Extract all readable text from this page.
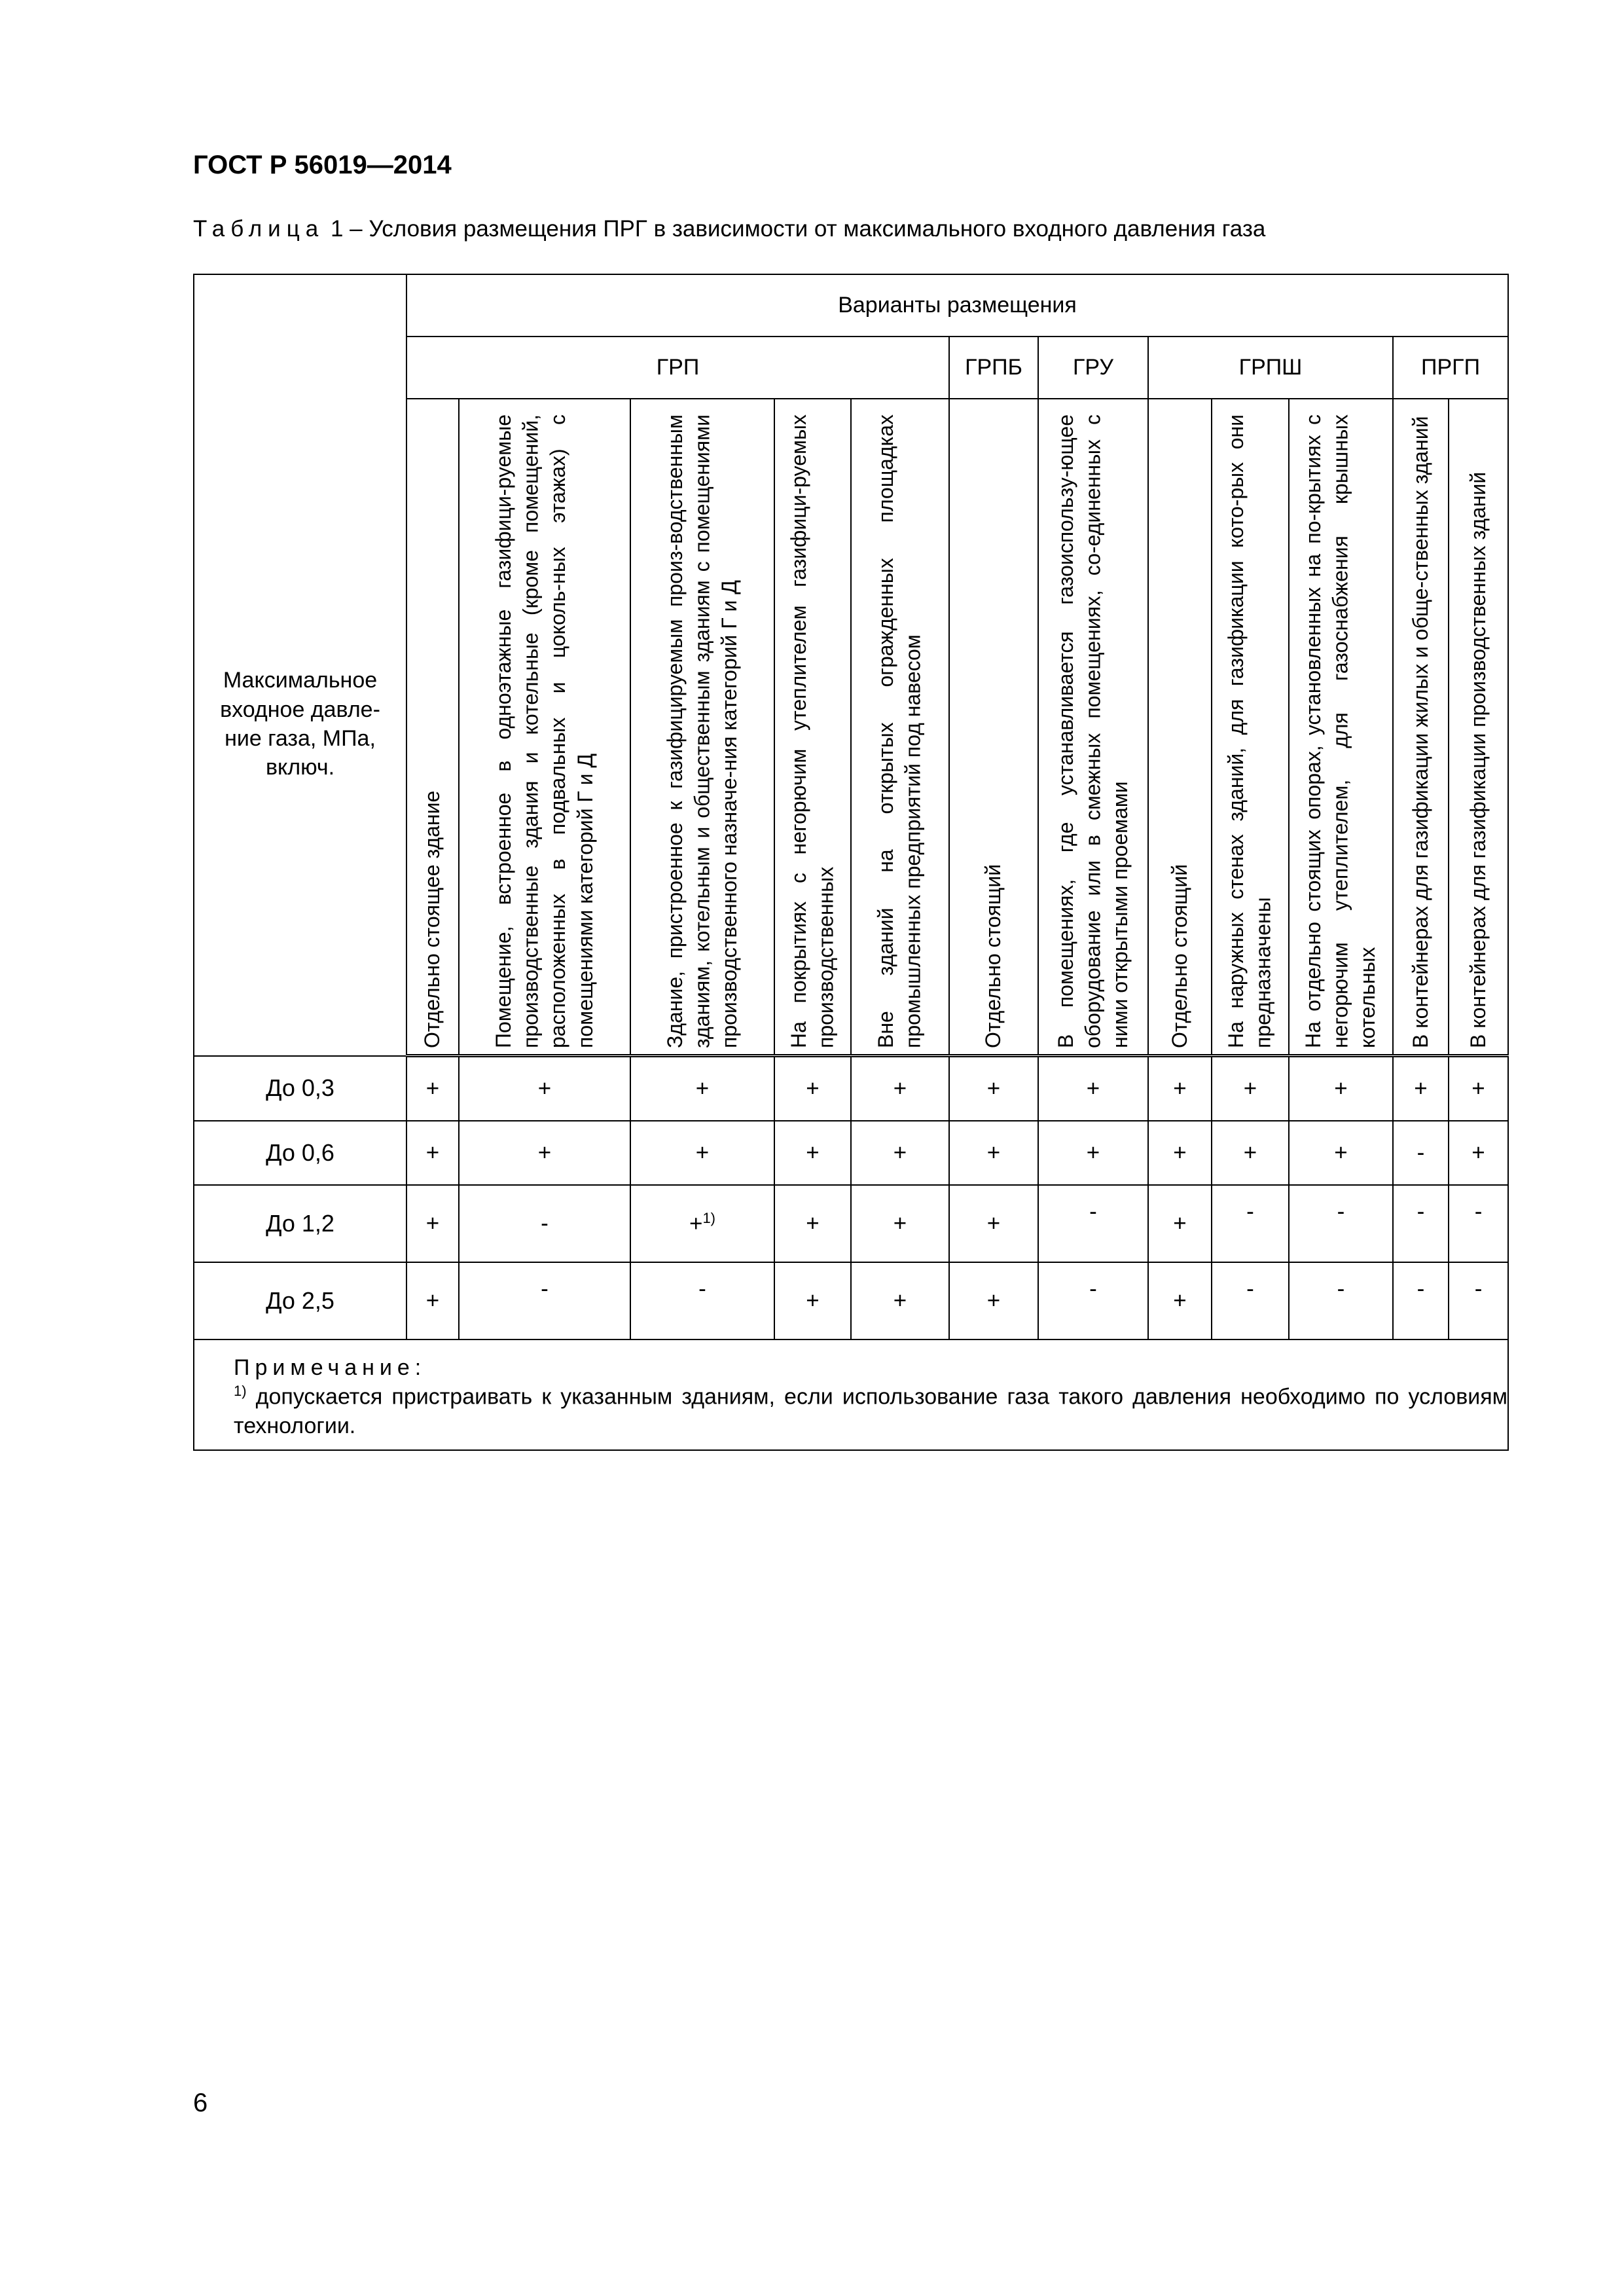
ГОСТ Р 56019—2014
Таблица 1 – Условия размещения ПРГ в зависимости от максимального входного давления газа
Максимальное входное давле-ние газа, МПа, включ.	Варианты размещения											
	ГРП					ГРПБ	ГРУ	ГРПШ			ПРГП	
	Отдельно стоящее здание	Помещение, встроенное в одноэтажные газифици-руемые производственные здания и котельные (кроме помещений, расположенных в подвальных и цоколь-ных этажах) с помещениями категорий Г и Д	Здание, пристроенное к газифицируемым произ-водственным зданиям, котельным и общественным зданиям с помещениями производственного назначе-ния категорий Г и Д	На покрытиях с негорючим утеплителем газифици-руемых производственных	Вне зданий на открытых огражденных площадках промышленных предприятий под навесом	Отдельно стоящий	В помещениях, где устанавливается газоиспользу-ющее оборудование или в смежных помещениях, со-единенных с ними открытыми проемами	Отдельно стоящий	На наружных стенах зданий, для газификации кото-рых они предназначены	На отдельно стоящих опорах, установленных на по-крытиях с негорючим утеплителем, для газоснабжения крышных котельных	В контейнерах для газификации жилых и обще-ственных зданий	В контейнерах для газификации производственных зданий
До 0,3	+	+	+	+	+	+	+	+	+	+	+	+
До 0,6	+	+	+	+	+	+	+	+	+	+	-	+
До 1,2	+	-	+$^{1)}$	+	+	+	-	+	-	-	-	-
До 2,5	+	-	-	+	+	+	-	+	-	-	-	-

Примечание:
$^{1)}$ допускается пристраивать к указанным зданиям, если использование газа такого давления необходимо по условиям технологии.												
6
